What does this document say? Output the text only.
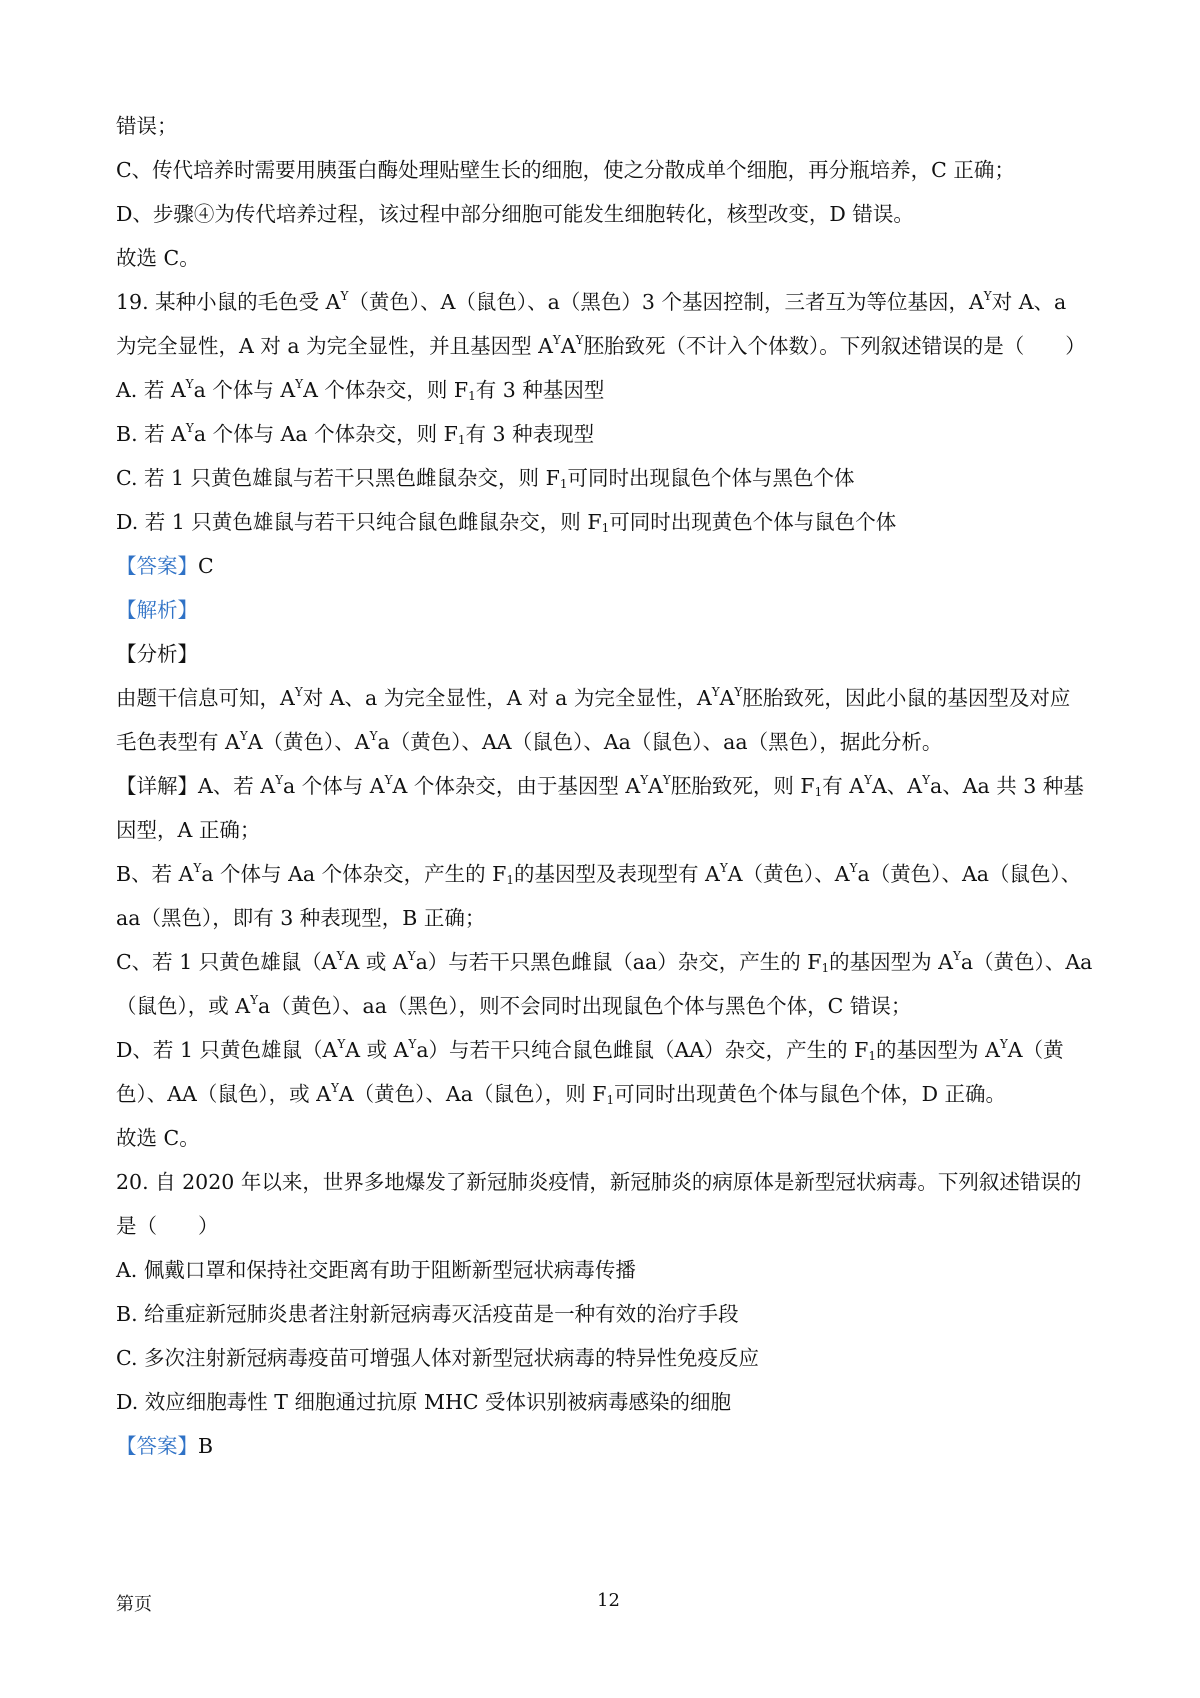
错误；
C、传代培养时需要用胰蛋白酶处理贴壁生长的细胞，使之分散成单个细胞，再分瓶培养，C 正确；
D、步骤④为传代培养过程，该过程中部分细胞可能发生细胞转化，核型改变，D 错误。
故选 C。
19. 某种小鼠的毛色受 $A^Y$（黄色）、A（鼠色）、a（黑色）3 个基因控制，三者互为等位基因，$A^Y$对 A、a
为完全显性，A 对 a 为完全显性，并且基因型 $A^YA^Y$胚胎致死（不计入个体数）。下列叙述错误的是（　　）
A. 若 $A^Ya$ 个体与 $A^YA$ 个体杂交，则 $F_1$有 3 种基因型
B. 若 $A^Ya$ 个体与 Aa 个体杂交，则 $F_1$有 3 种表现型
C. 若 1 只黄色雄鼠与若干只黑色雌鼠杂交，则 $F_1$可同时出现鼠色个体与黑色个体
D. 若 1 只黄色雄鼠与若干只纯合鼠色雌鼠杂交，则 $F_1$可同时出现黄色个体与鼠色个体
【答案】C
【解析】
【分析】
由题干信息可知，$A^Y$对 A、a 为完全显性，A 对 a 为完全显性，$A^YA^Y$胚胎致死，因此小鼠的基因型及对应
毛色表型有 $A^YA$（黄色）、$A^Ya$（黄色）、AA（鼠色）、Aa（鼠色）、aa（黑色），据此分析。
【详解】A、若 $A^Ya$ 个体与 $A^YA$ 个体杂交，由于基因型 $A^YA^Y$胚胎致死，则 $F_1$有 $A^YA$、$A^Ya$、Aa 共 3 种基
因型，A 正确；
B、若 $A^Ya$ 个体与 Aa 个体杂交，产生的 $F_1$的基因型及表现型有 $A^YA$（黄色）、$A^Ya$（黄色）、Aa（鼠色）、
aa（黑色），即有 3 种表现型，B 正确；
C、若 1 只黄色雄鼠（$A^YA$ 或 $A^Ya$）与若干只黑色雌鼠（aa）杂交，产生的 $F_1$的基因型为 $A^Ya$（黄色）、Aa
（鼠色），或 $A^Ya$（黄色）、aa（黑色），则不会同时出现鼠色个体与黑色个体，C 错误；
D、若 1 只黄色雄鼠（$A^YA$ 或 $A^Ya$）与若干只纯合鼠色雌鼠（AA）杂交，产生的 $F_1$的基因型为 $A^YA$（黄
色）、AA（鼠色），或 $A^YA$（黄色）、Aa（鼠色），则 $F_1$可同时出现黄色个体与鼠色个体，D 正确。
故选 C。
20. 自 2020 年以来，世界多地爆发了新冠肺炎疫情，新冠肺炎的病原体是新型冠状病毒。下列叙述错误的
是（　　）
A. 佩戴口罩和保持社交距离有助于阻断新型冠状病毒传播
B. 给重症新冠肺炎患者注射新冠病毒灭活疫苗是一种有效的治疗手段
C. 多次注射新冠病毒疫苗可增强人体对新型冠状病毒的特异性免疫反应
D. 效应细胞毒性 T 细胞通过抗原 MHC 受体识别被病毒感染的细胞
【答案】B
第页	12
